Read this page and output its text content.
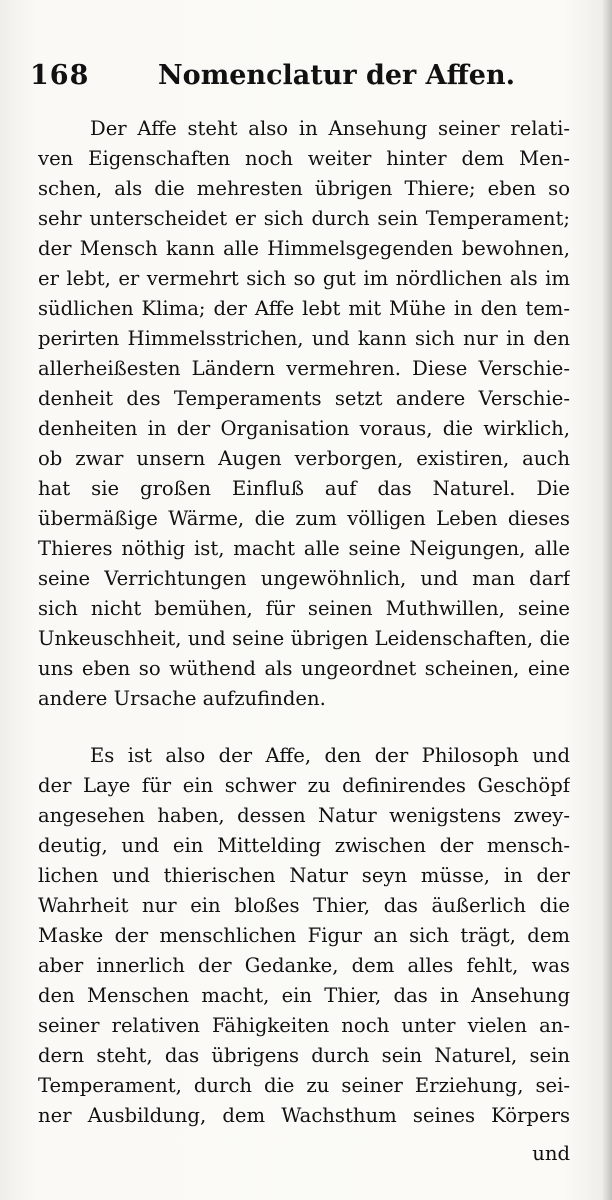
168	Nomenclatur der Affen.
Der Affe steht also in Ansehung seiner relati-
ven Eigenschaften noch weiter hinter dem Men-
schen, als die mehresten übrigen Thiere; eben so
sehr unterscheidet er sich durch sein Temperament;
der Mensch kann alle Himmelsgegenden bewohnen,
er lebt, er vermehrt sich so gut im nördlichen als im
südlichen Klima; der Affe lebt mit Mühe in den tem-
perirten Himmelsstrichen, und kann sich nur in den
allerheißesten Ländern vermehren. Diese Verschie-
denheit des Temperaments setzt andere Verschie-
denheiten in der Organisation voraus, die wirklich,
ob zwar unsern Augen verborgen, existiren, auch
hat sie großen Einfluß auf das Naturel. Die
übermäßige Wärme, die zum völligen Leben dieses
Thieres nöthig ist, macht alle seine Neigungen, alle
seine Verrichtungen ungewöhnlich, und man darf
sich nicht bemühen, für seinen Muthwillen, seine
Unkeuschheit, und seine übrigen Leidenschaften, die
uns eben so wüthend als ungeordnet scheinen, eine
andere Ursache aufzufinden.
Es ist also der Affe, den der Philosoph und
der Laye für ein schwer zu definirendes Geschöpf
angesehen haben, dessen Natur wenigstens zwey-
deutig, und ein Mittelding zwischen der mensch-
lichen und thierischen Natur seyn müsse, in der
Wahrheit nur ein bloßes Thier, das äußerlich die
Maske der menschlichen Figur an sich trägt, dem
aber innerlich der Gedanke, dem alles fehlt, was
den Menschen macht, ein Thier, das in Ansehung
seiner relativen Fähigkeiten noch unter vielen an-
dern steht, das übrigens durch sein Naturel, sein
Temperament, durch die zu seiner Erziehung, sei-
ner Ausbildung, dem Wachsthum seines Körpers
und
